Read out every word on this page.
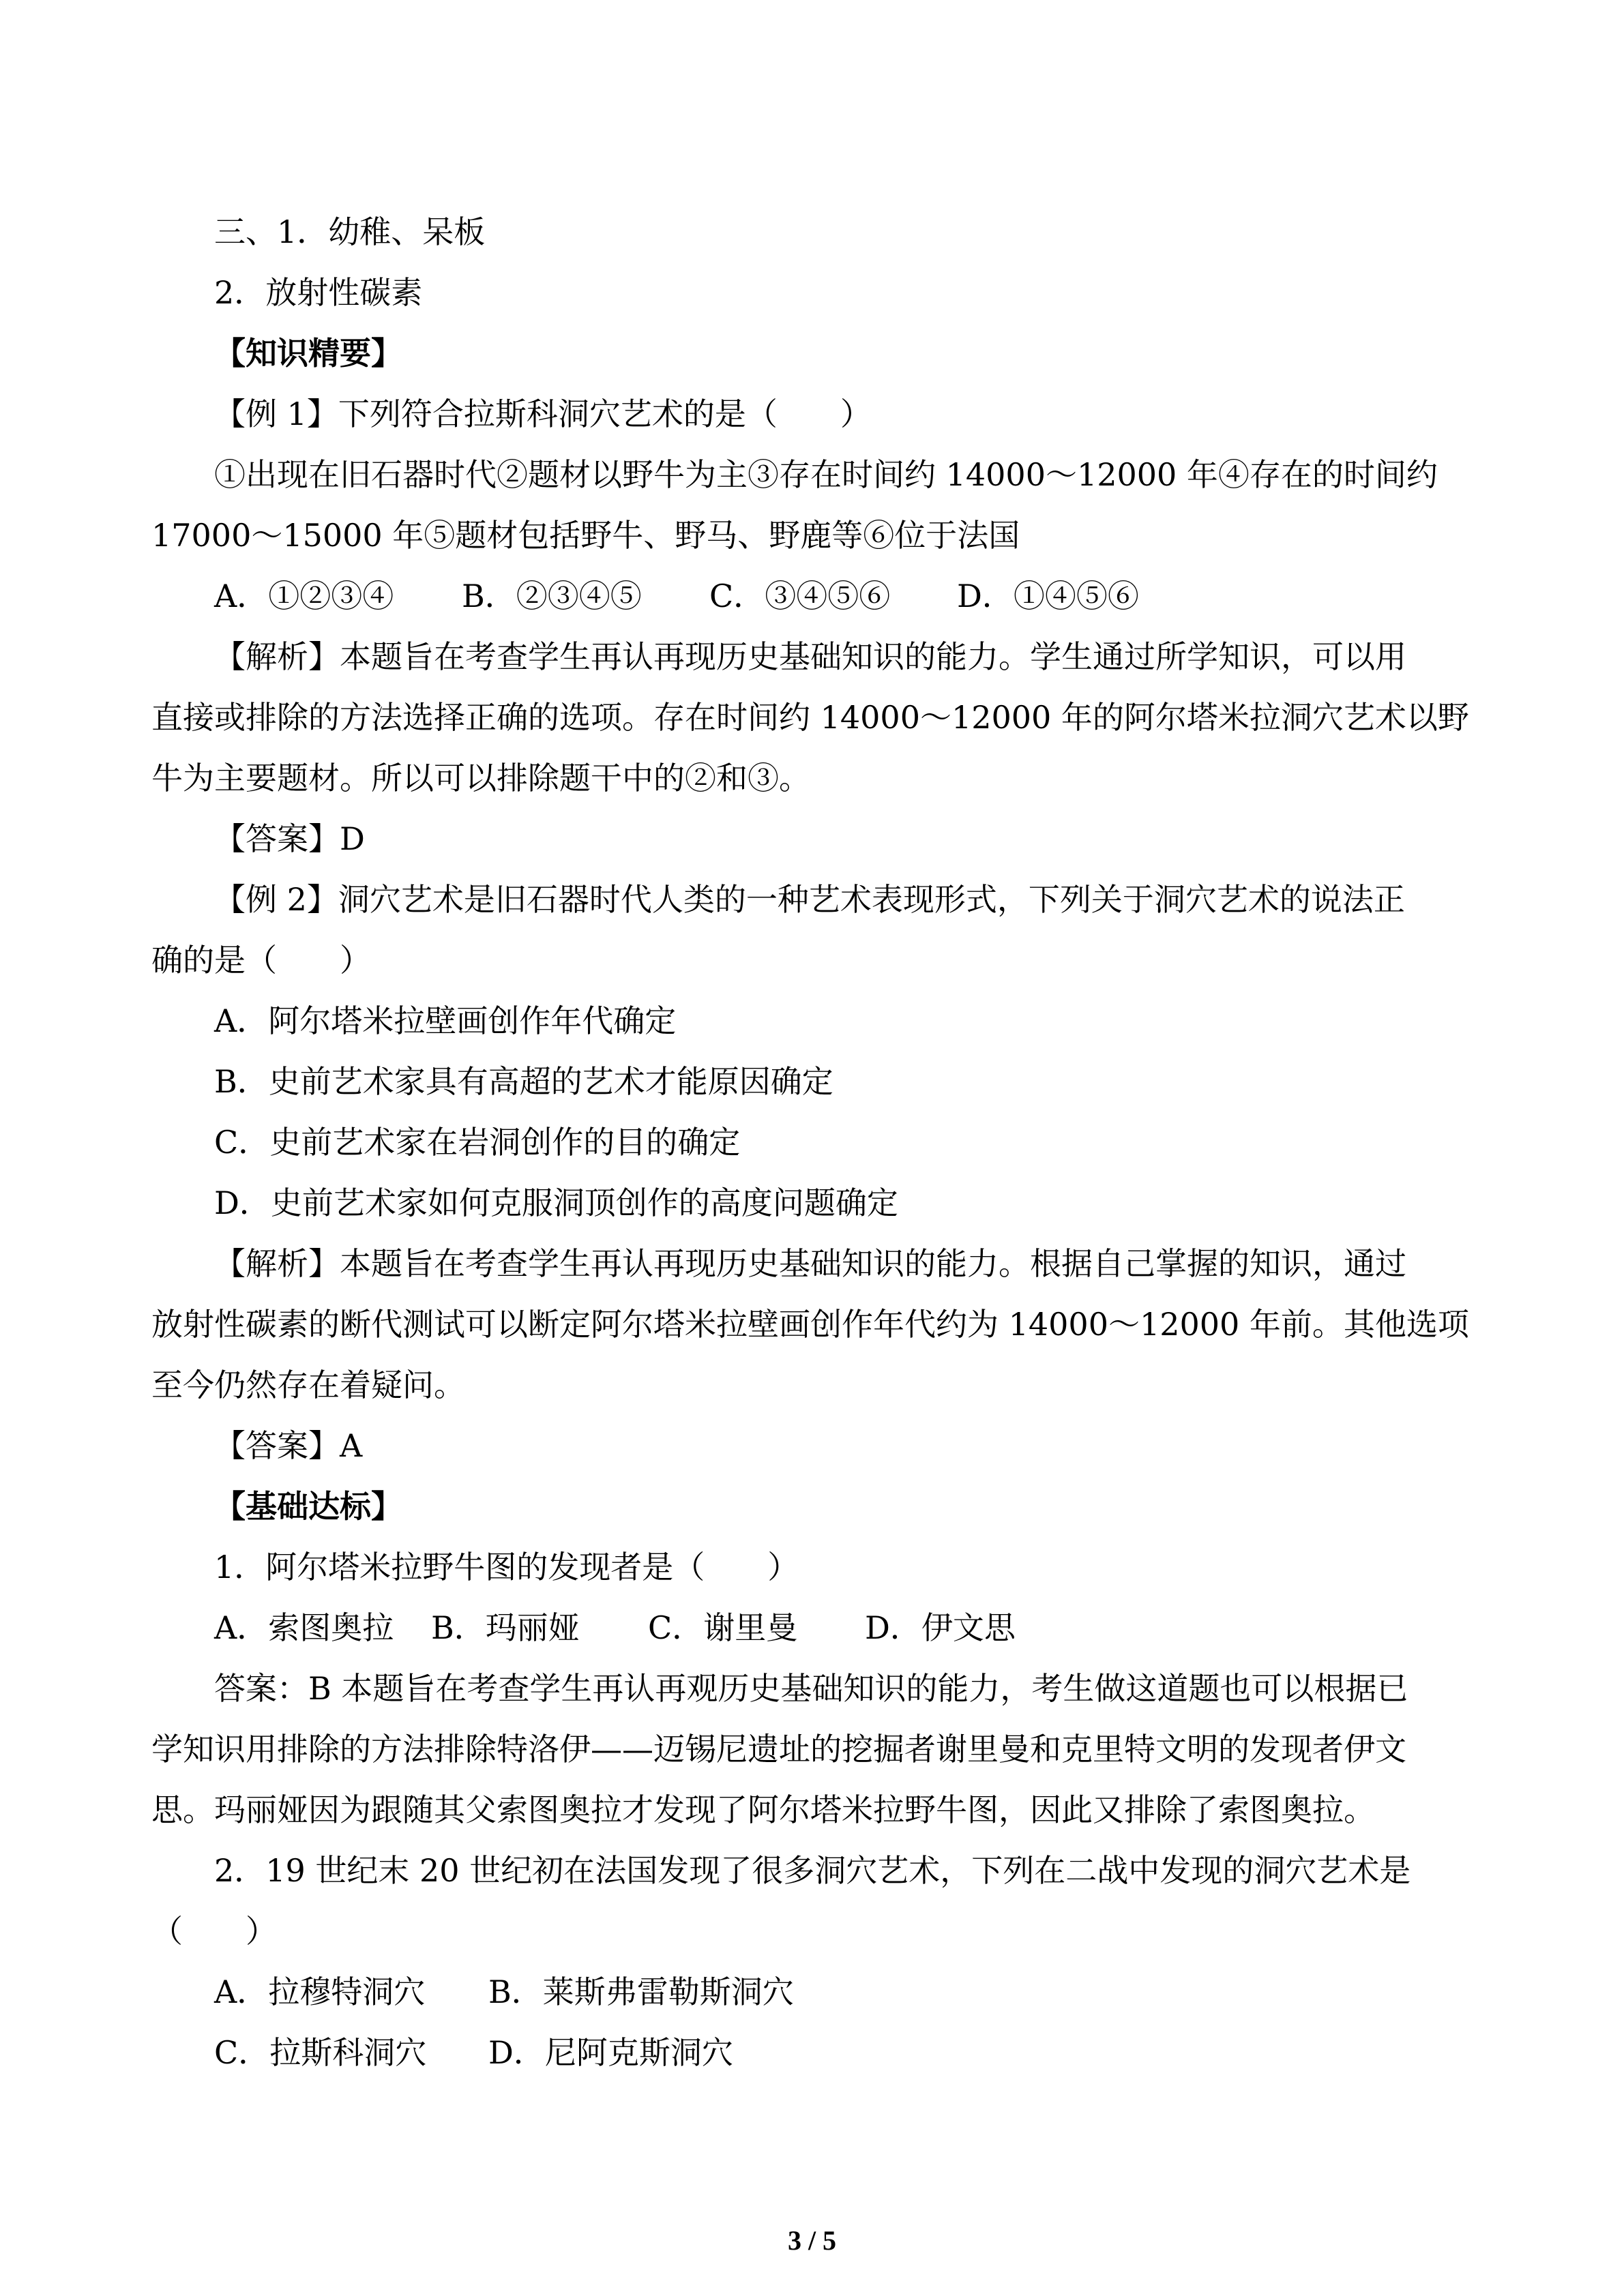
三、1．幼稚、呆板

2．放射性碳素

【知识精要】

【例 1】下列符合拉斯科洞穴艺术的是（　　）

①出现在旧石器时代②题材以野牛为主③存在时间约 14000～12000 年④存在的时间约

17000～15000 年⑤题材包括野牛、野马、野鹿等⑥位于法国

A．①②③④	B．②③④⑤	C．③④⑤⑥	D．①④⑤⑥

【解析】本题旨在考查学生再认再现历史基础知识的能力。学生通过所学知识，可以用

直接或排除的方法选择正确的选项。存在时间约 14000～12000 年的阿尔塔米拉洞穴艺术以野

牛为主要题材。所以可以排除题干中的②和③。

【答案】D

【例 2】洞穴艺术是旧石器时代人类的一种艺术表现形式，下列关于洞穴艺术的说法正

确的是（　　）

A．阿尔塔米拉壁画创作年代确定

B．史前艺术家具有高超的艺术才能原因确定

C．史前艺术家在岩洞创作的目的确定

D．史前艺术家如何克服洞顶创作的高度问题确定

【解析】本题旨在考查学生再认再现历史基础知识的能力。根据自己掌握的知识，通过

放射性碳素的断代测试可以断定阿尔塔米拉壁画创作年代约为 14000～12000 年前。其他选项

至今仍然存在着疑问。

【答案】A

【基础达标】

1．阿尔塔米拉野牛图的发现者是（　　）

A．索图奥拉	B．玛丽娅	C．谢里曼	D．伊文思

答案：B 本题旨在考查学生再认再观历史基础知识的能力，考生做这道题也可以根据已

学知识用排除的方法排除特洛伊——迈锡尼遗址的挖掘者谢里曼和克里特文明的发现者伊文

思。玛丽娅因为跟随其父索图奥拉才发现了阿尔塔米拉野牛图，因此又排除了索图奥拉。

2．19 世纪末 20 世纪初在法国发现了很多洞穴艺术，下列在二战中发现的洞穴艺术是

（　　）

A．拉穆特洞穴	B．莱斯弗雷勒斯洞穴
C．拉斯科洞穴	D．尼阿克斯洞穴
3 / 5
